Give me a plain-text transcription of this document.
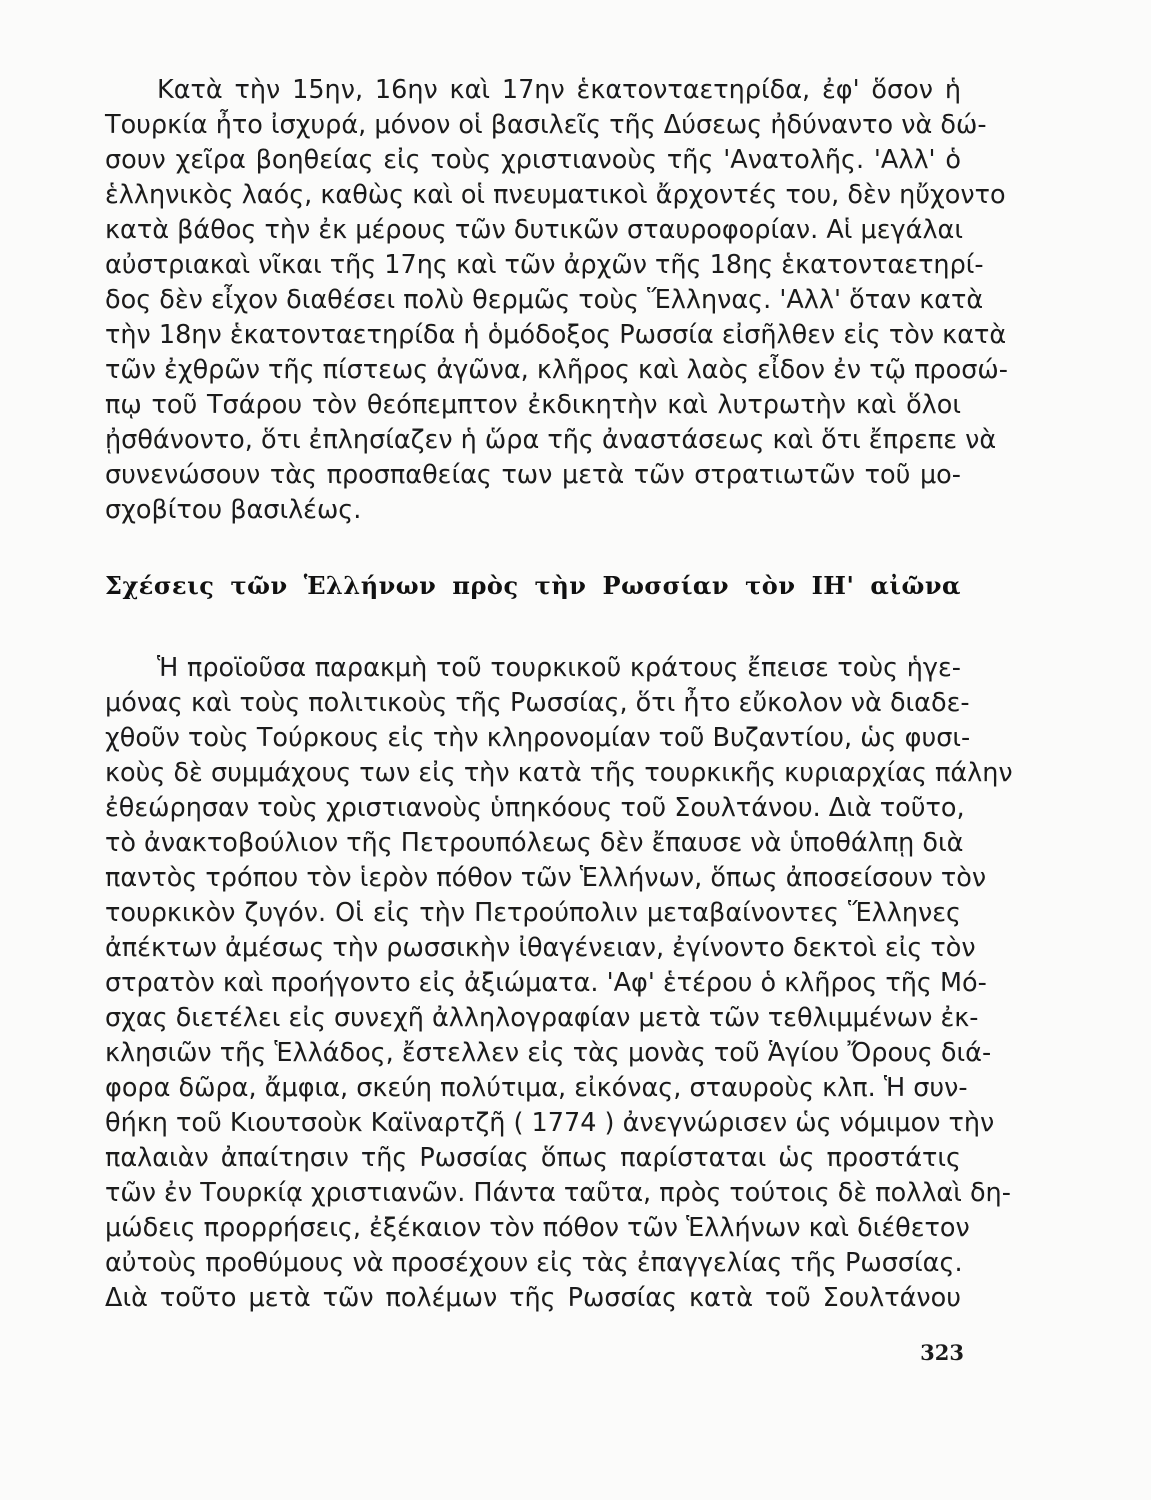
Κατὰ τὴν 15ην, 16ην καὶ 17ην ἑκατονταετηρίδα, ἐφ' ὅσον ἡ
Τουρκία ἦτο ἰσχυρά, μόνον οἱ βασιλεῖς τῆς Δύσεως ἠδύναντο νὰ δώ-
σουν χεῖρα βοηθείας εἰς τοὺς χριστιανοὺς τῆς 'Ανατολῆς. 'Αλλ' ὁ
ἑλληνικὸς λαός, καθὼς καὶ οἱ πνευματικοὶ ἄρχοντές του, δὲν ηὔχοντο
κατὰ βάθος τὴν ἐκ μέρους τῶν δυτικῶν σταυροφορίαν. Αἱ μεγάλαι
αὐστριακαὶ νῖκαι τῆς 17ης καὶ τῶν ἀρχῶν τῆς 18ης ἑκατονταετηρί-
δος δὲν εἶχον διαθέσει πολὺ θερμῶς τοὺς Ἕλληνας. 'Αλλ' ὅταν κατὰ
τὴν 18ην ἑκατονταετηρίδα ἡ ὁμόδοξος Ρωσσία εἰσῆλθεν εἰς τὸν κατὰ
τῶν ἐχθρῶν τῆς πίστεως ἀγῶνα, κλῆρος καὶ λαὸς εἶδον ἐν τῷ προσώ-
πῳ τοῦ Τσάρου τὸν θεόπεμπτον ἐκδικητὴν καὶ λυτρωτὴν καὶ ὅλοι
ᾐσθάνοντο, ὅτι ἐπλησίαζεν ἡ ὥρα τῆς ἀναστάσεως καὶ ὅτι ἔπρεπε νὰ
συνενώσουν τὰς προσπαθείας των μετὰ τῶν στρατιωτῶν τοῦ μο-
σχοβίτου βασιλέως.
Σχέσεις τῶν Ἑλλήνων πρὸς τὴν Ρωσσίαν τὸν ΙΗ' αἰῶνα
Ἡ προϊοῦσα παρακμὴ τοῦ τουρκικοῦ κράτους ἔπεισε τοὺς ἡγε-
μόνας καὶ τοὺς πολιτικοὺς τῆς Ρωσσίας, ὅτι ἦτο εὔκολον νὰ διαδε-
χθοῦν τοὺς Τούρκους εἰς τὴν κληρονομίαν τοῦ Βυζαντίου, ὡς φυσι-
κοὺς δὲ συμμάχους των εἰς τὴν κατὰ τῆς τουρκικῆς κυριαρχίας πάλην
ἐθεώρησαν τοὺς χριστιανοὺς ὑπηκόους τοῦ Σουλτάνου. Διὰ τοῦτο,
τὸ ἀνακτοβούλιον τῆς Πετρουπόλεως δὲν ἔπαυσε νὰ ὑποθάλπῃ διὰ
παντὸς τρόπου τὸν ἱερὸν πόθον τῶν Ἑλλήνων, ὅπως ἀποσείσουν τὸν
τουρκικὸν ζυγόν. Οἱ εἰς τὴν Πετρούπολιν μεταβαίνοντες Ἕλληνες
ἀπέκτων ἀμέσως τὴν ρωσσικὴν ἰθαγένειαν, ἐγίνοντο δεκτοὶ εἰς τὸν
στρατὸν καὶ προήγοντο εἰς ἀξιώματα. 'Αφ' ἑτέρου ὁ κλῆρος τῆς Μό-
σχας διετέλει εἰς συνεχῆ ἀλληλογραφίαν μετὰ τῶν τεθλιμμένων ἐκ-
κλησιῶν τῆς Ἑλλάδος, ἔστελλεν εἰς τὰς μονὰς τοῦ Ἁγίου Ὄρους διά-
φορα δῶρα, ἄμφια, σκεύη πολύτιμα, εἰκόνας, σταυροὺς κλπ. Ἡ συν-
θήκη τοῦ Κιουτσοὺκ Καϊναρτζῆ ( 1774 ) ἀνεγνώρισεν ὡς νόμιμον τὴν
παλαιὰν ἀπαίτησιν τῆς Ρωσσίας ὅπως παρίσταται ὡς προστάτις
τῶν ἐν Τουρκίᾳ χριστιανῶν. Πάντα ταῦτα, πρὸς τούτοις δὲ πολλαὶ δη-
μώδεις προρρήσεις, ἐξέκαιον τὸν πόθον τῶν Ἑλλήνων καὶ διέθετον
αὐτοὺς προθύμους νὰ προσέχουν εἰς τὰς ἐπαγγελίας τῆς Ρωσσίας.
Διὰ τοῦτο μετὰ τῶν πολέμων τῆς Ρωσσίας κατὰ τοῦ Σουλτάνου
323
